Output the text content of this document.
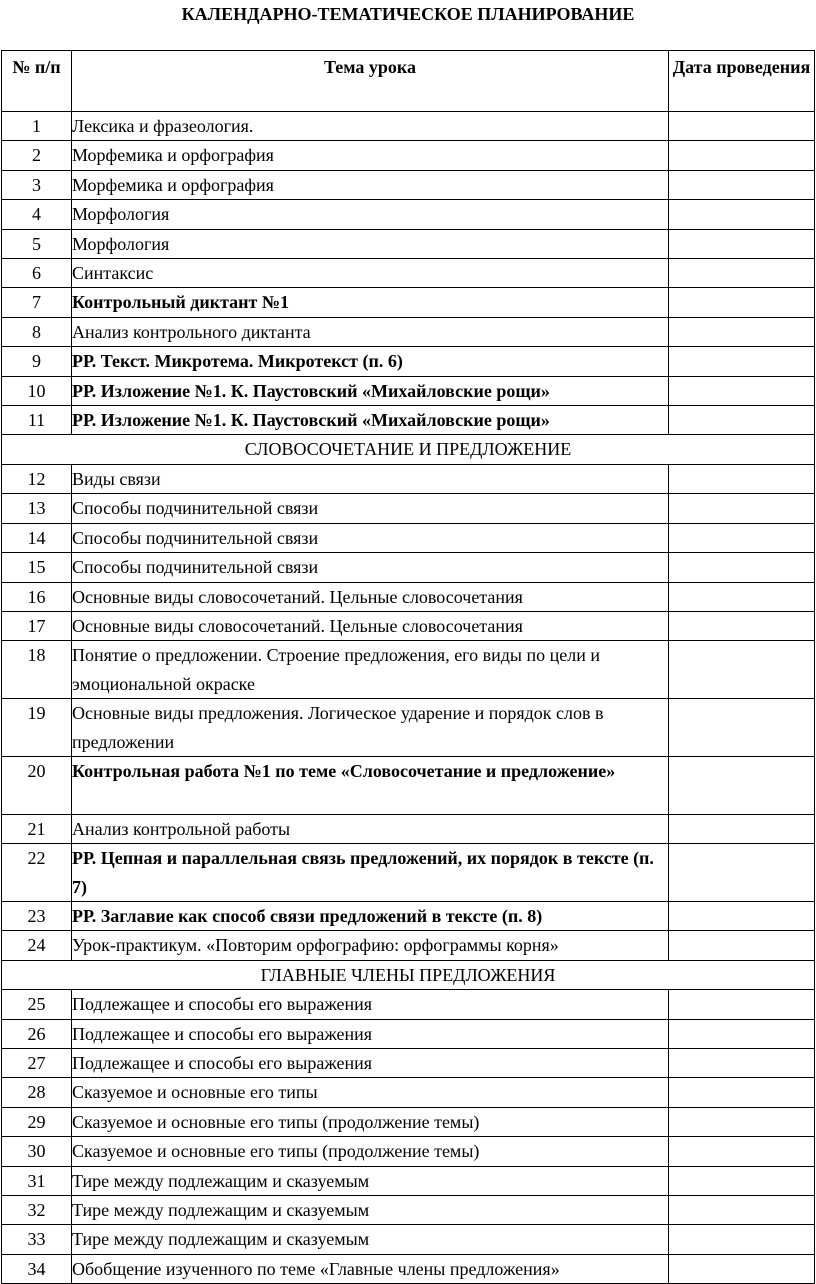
КАЛЕНДАРНО-ТЕМАТИЧЕСКОЕ ПЛАНИРОВАНИЕ
№ п/п	Тема урока	Дата проведения
1	Лексика и фразеология.	
2	Морфемика и орфография	
3	Морфемика и орфография	
4	Морфология	
5	Морфология	
6	Синтаксис	
7	Контрольный диктант №1	
8	Анализ контрольного диктанта	
9	РР. Текст. Микротема. Микротекст (п. 6)	
10	РР. Изложение №1. К. Паустовский «Михайловские рощи»	
11	РР. Изложение №1. К. Паустовский «Михайловские рощи»	
СЛОВОСОЧЕТАНИЕ И ПРЕДЛОЖЕНИЕ		
12	Виды связи	
13	Способы подчинительной связи	
14	Способы подчинительной связи	
15	Способы подчинительной связи	
16	Основные виды словосочетаний. Цельные словосочетания	
17	Основные виды словосочетаний. Цельные словосочетания	
18	Понятие о предложении. Строение предложения, его виды по цели и эмоциональной окраске	
19	Основные виды предложения. Логическое ударение и порядок слов в предложении	
20	Контрольная работа №1 по теме «Словосочетание и предложение»	
21	Анализ контрольной работы	
22	РР. Цепная и параллельная связь предложений, их порядок в тексте (п. 7)	
23	РР. Заглавие как способ связи предложений в тексте (п. 8)	
24	Урок-практикум. «Повторим орфографию: орфограммы корня»	
ГЛАВНЫЕ ЧЛЕНЫ ПРЕДЛОЖЕНИЯ		
25	Подлежащее и способы его выражения	
26	Подлежащее и способы его выражения	
27	Подлежащее и способы его выражения	
28	Сказуемое и основные его типы	
29	Сказуемое и основные его типы (продолжение темы)	
30	Сказуемое и основные его типы (продолжение темы)	
31	Тире между подлежащим и сказуемым	
32	Тире между подлежащим и сказуемым	
33	Тире между подлежащим и сказуемым	
34	Обобщение изученного по теме «Главные члены предложения»	
